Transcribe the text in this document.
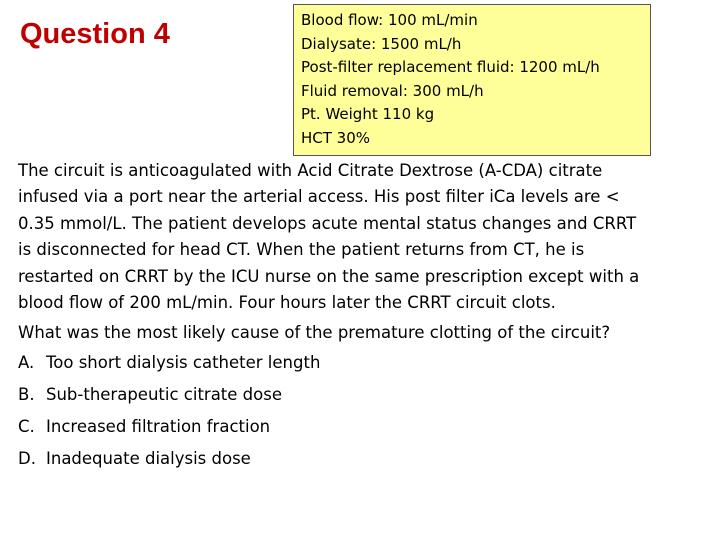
Question 4	Blood flow: 100 mL/min
Dialysate: 1500 mL/h
Post-filter replacement fluid: 1200 mL/h
Fluid removal: 300 mL/h
Pt. Weight 110 kg
HCT 30%
The circuit is anticoagulated with Acid Citrate Dextrose (A-CDA) citrate
infused via a port near the arterial access. His post filter iCa levels are <
0.35 mmol/L. The patient develops acute mental status changes and CRRT
is disconnected for head CT. When the patient returns from CT, he is
restarted on CRRT by the ICU nurse on the same prescription except with a
blood flow of 200 mL/min. Four hours later the CRRT circuit clots.
What was the most likely cause of the premature clotting of the circuit?
A. Too short dialysis catheter length
B. Sub-therapeutic citrate dose
C. Increased filtration fraction
D. Inadequate dialysis dose
